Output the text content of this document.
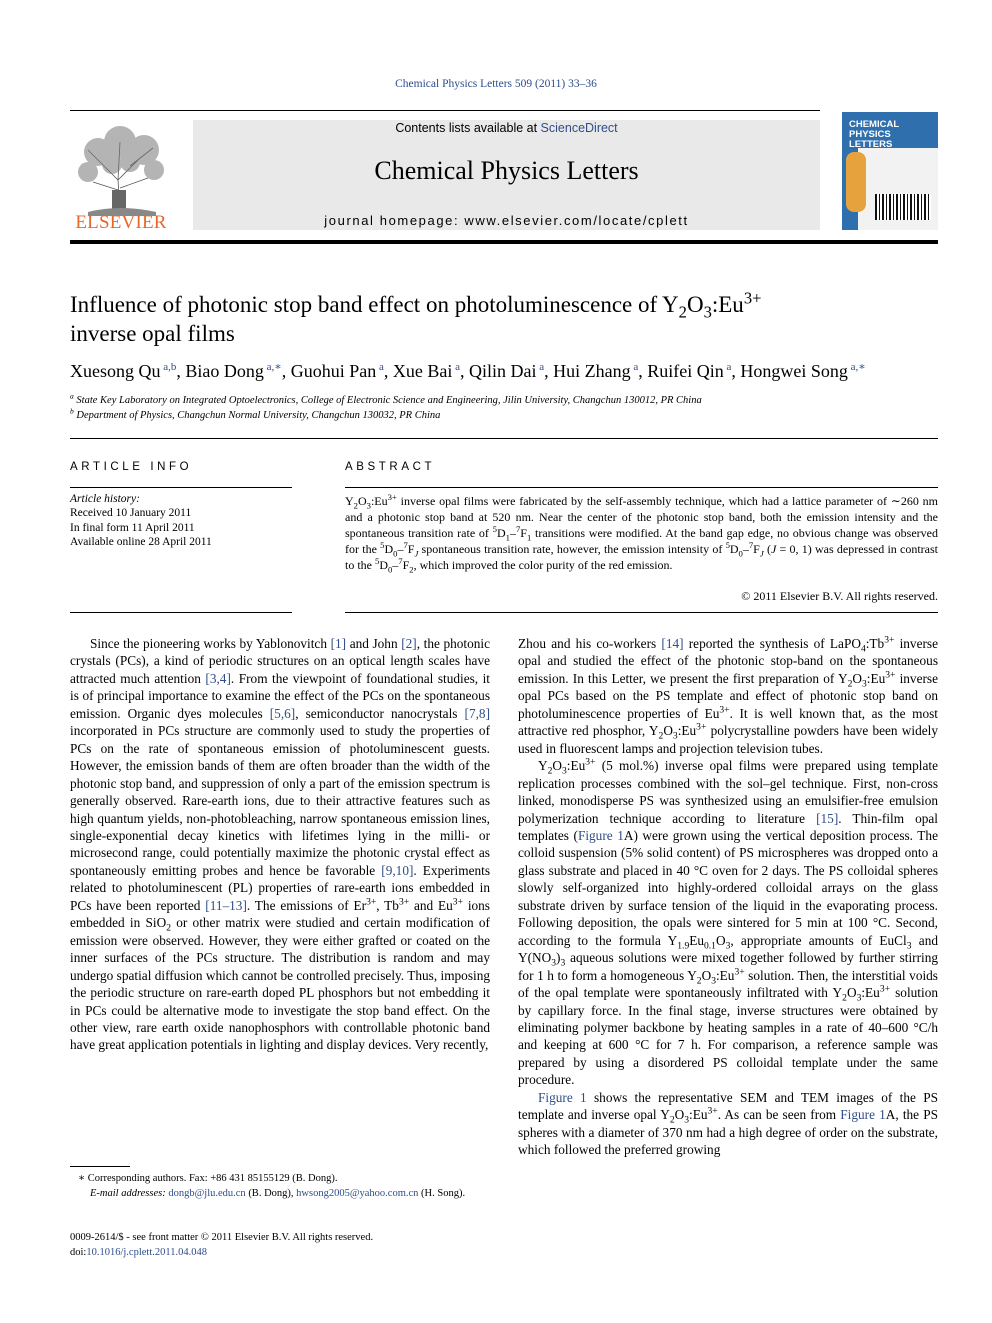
Chemical Physics Letters 509 (2011) 33–36
ELSEVIER
Contents lists available at ScienceDirect
Chemical Physics Letters
journal homepage: www.elsevier.com/locate/cplett
CHEMICAL
PHYSICS
LETTERS
Influence of photonic stop band effect on photoluminescence of $Y_2O_3:Eu^{3+}$
inverse opal films
Xuesong Qu $^{a,b}$, Biao Dong $^{a,∗}$, Guohui Pan $^a$, Xue Bai $^a$, Qilin Dai $^a$, Hui Zhang $^a$, Ruifei Qin $^a$, Hongwei Song $^{a,∗}$
$^a$ State Key Laboratory on Integrated Optoelectronics, College of Electronic Science and Engineering, Jilin University, Changchun 130012, PR China
$^b$ Department of Physics, Changchun Normal University, Changchun 130032, PR China
ARTICLE INFO	ABSTRACT
Article history:
Received 10 January 2011
In final form 11 April 2011
Available online 28 April 2011
$Y_2O_3:Eu^{3+}$ inverse opal films were fabricated by the self-assembly technique, which had a lattice parameter of ∼260 nm and a photonic stop band at 520 nm. Near the center of the photonic stop band, both the emission intensity and the spontaneous transition rate of $^5D_1-^7F_1$ transitions were modified. At the band gap edge, no obvious change was observed for the $^5D_0-^7F_J$ spontaneous transition rate, however, the emission intensity of $^5D_0-^7F_J$ (J = 0, 1) was depressed in contrast to the $^5D_0-^7F_2$, which improved the color purity of the red emission.
© 2011 Elsevier B.V. All rights reserved.

Since the pioneering works by Yablonovitch [1] and John [2], the photonic crystals (PCs), a kind of periodic structures on an optical length scales have attracted much attention [3,4]. From the viewpoint of foundational studies, it is of principal importance to examine the effect of the PCs on the spontaneous emission. Organic dyes molecules [5,6], semiconductor nanocrystals [7,8] incorporated in PCs structure are commonly used to study the properties of PCs on the rate of spontaneous emission of photoluminescent guests. However, the emission bands of them are often broader than the width of the photonic stop band, and suppression of only a part of the emission spectrum is generally observed. Rare-earth ions, due to their attractive features such as high quantum yields, non-photobleaching, narrow spontaneous emission lines, single-exponential decay kinetics with lifetimes lying in the milli- or microsecond range, could potentially maximize the photonic crystal effect as spontaneously emitting probes and hence be favorable [9,10]. Experiments related to photoluminescent (PL) properties of rare-earth ions embedded in PCs have been reported [11–13]. The emissions of $Er^{3+}$, $Tb^{3+}$ and $Eu^{3+}$ ions embedded in SiO$_2$ or other matrix were studied and certain modification of emission were observed. However, they were either grafted or coated on the inner surfaces of the PCs structure. The distribution is random and may undergo spatial diffusion which cannot be controlled precisely. Thus, imposing the periodic structure on rare-earth doped PL phosphors but not embedding it in PCs could be alternative mode to investigate the stop band effect. On the other view, rare earth oxide nanophosphors with controllable photonic band have great application potentials in lighting and display devices. Very recently,

Zhou and his co-workers [14] reported the synthesis of $LaPO_4:Tb^{3+}$ inverse opal and studied the effect of the photonic stop-band on the spontaneous emission. In this Letter, we present the first preparation of $Y_2O_3:Eu^{3+}$ inverse opal PCs based on the PS template and effect of photonic stop band on photoluminescence properties of $Eu^{3+}$. It is well known that, as the most attractive red phosphor, $Y_2O_3:Eu^{3+}$ polycrystalline powders have been widely used in fluorescent lamps and projection television tubes.

$Y_2O_3:Eu^{3+}$ (5 mol.%) inverse opal films were prepared using template replication processes combined with the sol–gel technique. First, non-cross linked, monodisperse PS was synthesized using an emulsifier-free emulsion polymerization technique according to literature [15]. Thin-film opal templates (Figure 1A) were grown using the vertical deposition process. The colloid suspension (5% solid content) of PS microspheres was dropped onto a glass substrate and placed in 40 °C oven for 2 days. The PS colloidal spheres slowly self-organized into highly-ordered colloidal arrays on the glass substrate driven by surface tension of the liquid in the evaporating process. Following deposition, the opals were sintered for 5 min at 100 °C. Second, according to the formula $Y_{1.9}Eu_{0.1}O_3$, appropriate amounts of EuCl$_3$ and $Y(NO_3)_3$ aqueous solutions were mixed together followed by further stirring for 1 h to form a homogeneous $Y_2O_3:Eu^{3+}$ solution. Then, the interstitial voids of the opal template were spontaneously infiltrated with $Y_2O_3:Eu^{3+}$ solution by capillary force. In the final stage, inverse structures were obtained by eliminating polymer backbone by heating samples in a rate of 40–600 °C/h and keeping at 600 °C for 7 h. For comparison, a reference sample was prepared by using a disordered PS colloidal template under the same procedure.

Figure 1 shows the representative SEM and TEM images of the PS template and inverse opal $Y_2O_3:Eu^{3+}$. As can be seen from Figure 1A, the PS spheres with a diameter of 370 nm had a high degree of order on the substrate, which followed the preferred growing

∗ Corresponding authors. Fax: +86 431 85155129 (B. Dong).
E-mail addresses: dongb@jlu.edu.cn (B. Dong), hwsong2005@yahoo.com.cn (H. Song).
0009-2614/$ - see front matter © 2011 Elsevier B.V. All rights reserved.
doi:10.1016/j.cplett.2011.04.048
